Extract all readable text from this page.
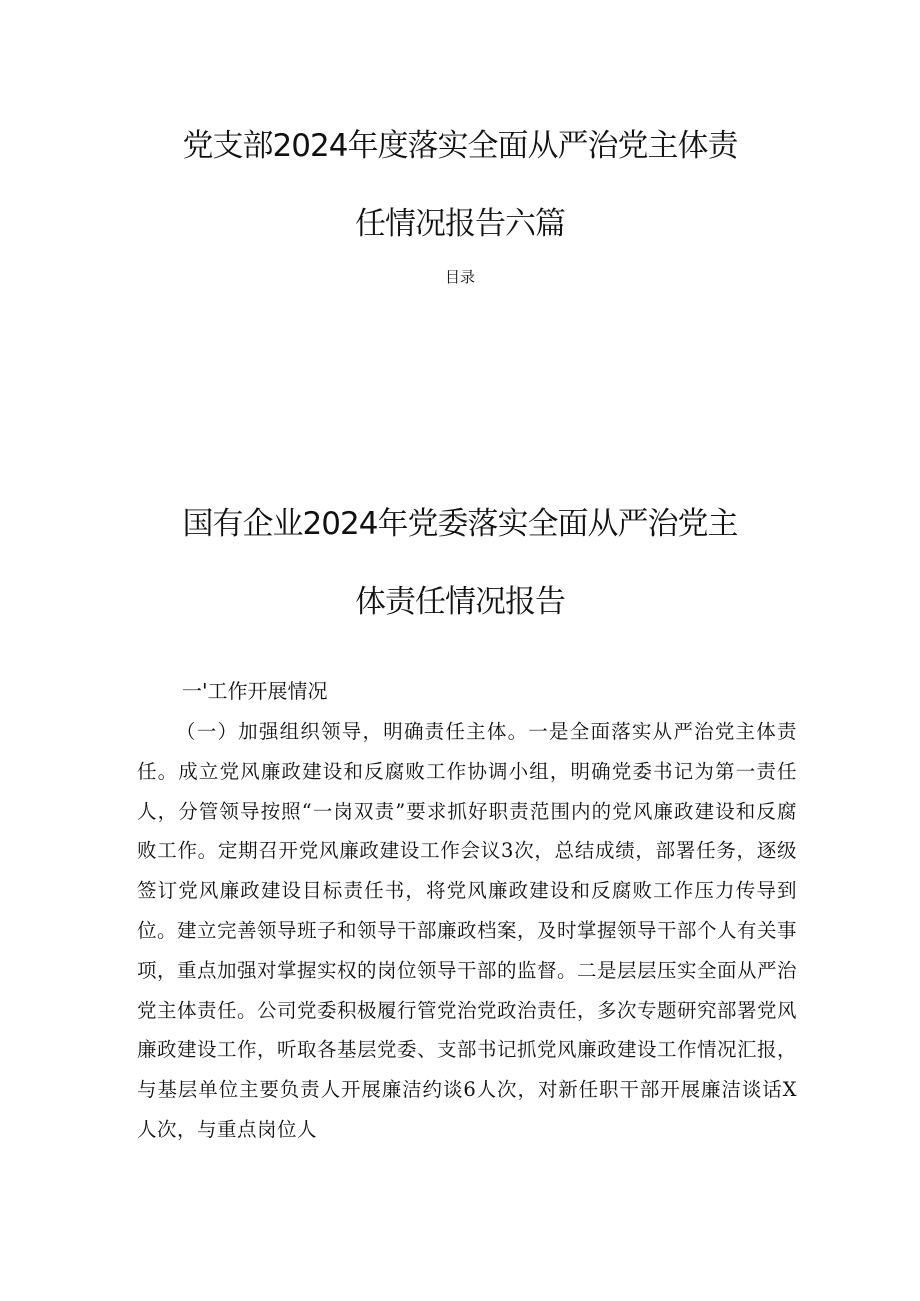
党支部2024年度落实全面从严治党主体责
任情况报告六篇

目录

国有企业2024年党委落实全面从严治党主
体责任情况报告
一'工作开展情况

（一）加强组织领导，明确责任主体。一是全面落实从严治党主体责任。成立党风廉政建设和反腐败工作协调小组，明确党委书记为第一责任人，分管领导按照“一岗双责”要求抓好职责范围内的党风廉政建设和反腐败工作。定期召开党风廉政建设工作会议3次，总结成绩，部署任务，逐级签订党风廉政建设目标责任书，将党风廉政建设和反腐败工作压力传导到位。建立完善领导班子和领导干部廉政档案，及时掌握领导干部个人有关事项，重点加强对掌握实权的岗位领导干部的监督。二是层层压实全面从严治党主体责任。公司党委积极履行管党治党政治责任，多次专题研究部署党风廉政建设工作，听取各基层党委、支部书记抓党风廉政建设工作情况汇报，与基层单位主要负责人开展廉洁约谈6人次，对新任职干部开展廉洁谈话X人次，与重点岗位人
